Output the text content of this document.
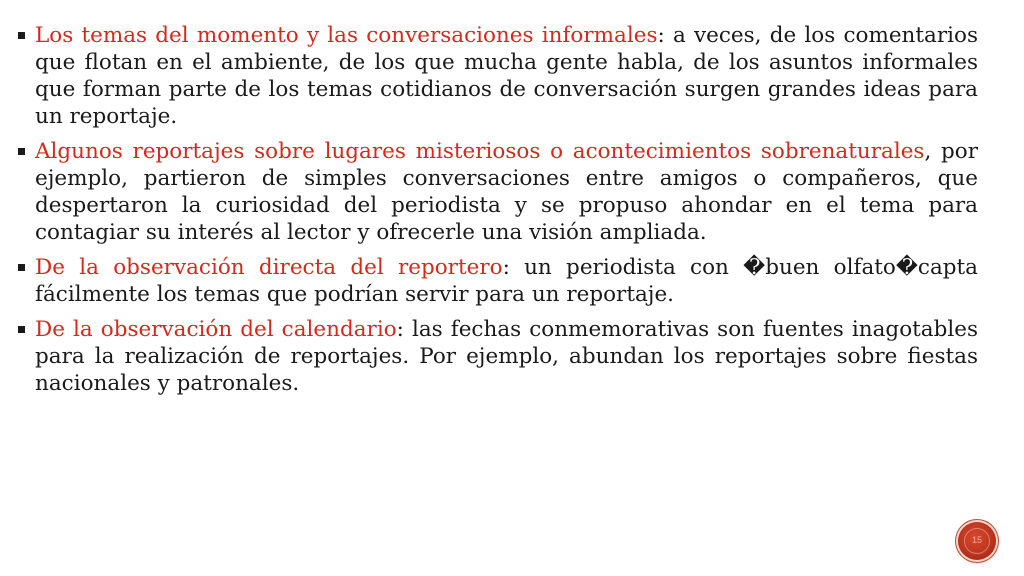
Los temas del momento y las conversaciones informales: a veces, de los comentarios que flotan en el ambiente, de los que mucha gente habla, de los asuntos informales que forman parte de los temas cotidianos de conversación surgen grandes ideas para un reportaje.
Algunos reportajes sobre lugares misteriosos o acontecimientos sobrenaturales, por ejemplo, partieron de simples conversaciones entre amigos o compañeros, que despertaron la curiosidad del periodista y se propuso ahondar en el tema para contagiar su interés al lector y ofrecerle una visión ampliada.
De la observación directa del reportero: un periodista con �buen olfato�capta fácilmente los temas que podrían servir para un reportaje.
De la observación del calendario: las fechas conmemorativas son fuentes inagotables para la realización de reportajes. Por ejemplo, abundan los reportajes sobre fiestas nacionales y patronales.
15
